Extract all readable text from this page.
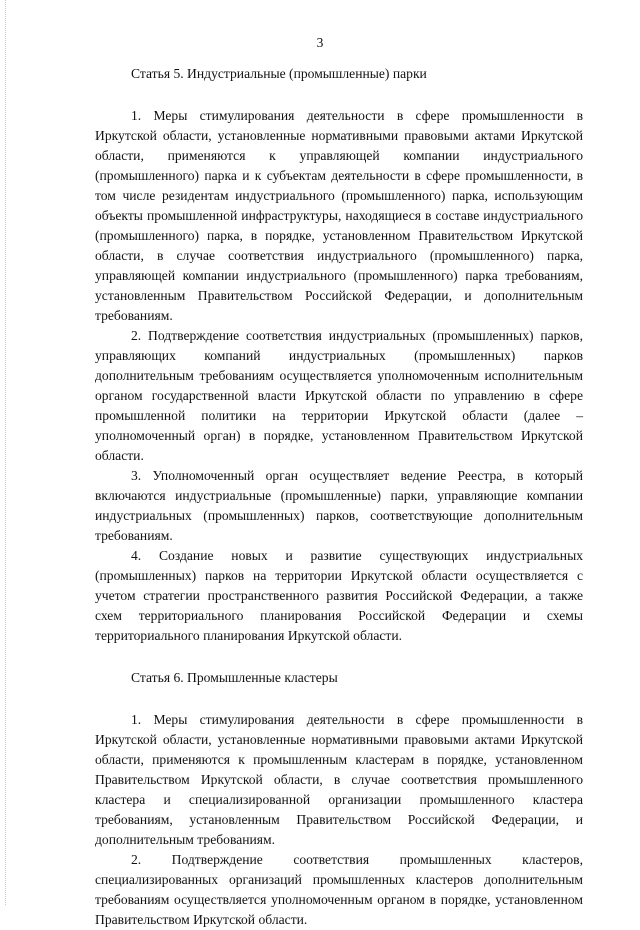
3
Статья 5. Индустриальные (промышленные) парки

1. Меры стимулирования деятельности в сфере промышленности в Иркутской области, установленные нормативными правовыми актами Иркутской области, применяются к управляющей компании индустриального (промышленного) парка и к субъектам деятельности в сфере промышленности, в том числе резидентам индустриального (промышленного) парка, использующим объекты промышленной инфраструктуры, находящиеся в составе индустриального (промышленного) парка, в порядке, установленном Правительством Иркутской области, в случае соответствия индустриального (промышленного) парка, управляющей компании индустриального (промышленного) парка требованиям, установленным Правительством Российской Федерации, и дополнительным требованиям.

2. Подтверждение соответствия индустриальных (промышленных) парков, управляющих компаний индустриальных (промышленных) парков дополнительным требованиям осуществляется уполномоченным исполнительным органом государственной власти Иркутской области по управлению в сфере промышленной политики на территории Иркутской области (далее – уполномоченный орган) в порядке, установленном Правительством Иркутской области.

3. Уполномоченный орган осуществляет ведение Реестра, в который включаются индустриальные (промышленные) парки, управляющие компании индустриальных (промышленных) парков, соответствующие дополнительным требованиям.

4. Создание новых и развитие существующих индустриальных (промышленных) парков на территории Иркутской области осуществляется с учетом стратегии пространственного развития Российской Федерации, а также схем территориального планирования Российской Федерации и схемы территориального планирования Иркутской области.

Статья 6. Промышленные кластеры

1. Меры стимулирования деятельности в сфере промышленности в Иркутской области, установленные нормативными правовыми актами Иркутской области, применяются к промышленным кластерам в порядке, установленном Правительством Иркутской области, в случае соответствия промышленного кластера и специализированной организации промышленного кластера требованиям, установленным Правительством Российской Федерации, и дополнительным требованиям.

2. Подтверждение соответствия промышленных кластеров, специализированных организаций промышленных кластеров дополнительным требованиям осуществляется уполномоченным органом в порядке, установленном Правительством Иркутской области.
